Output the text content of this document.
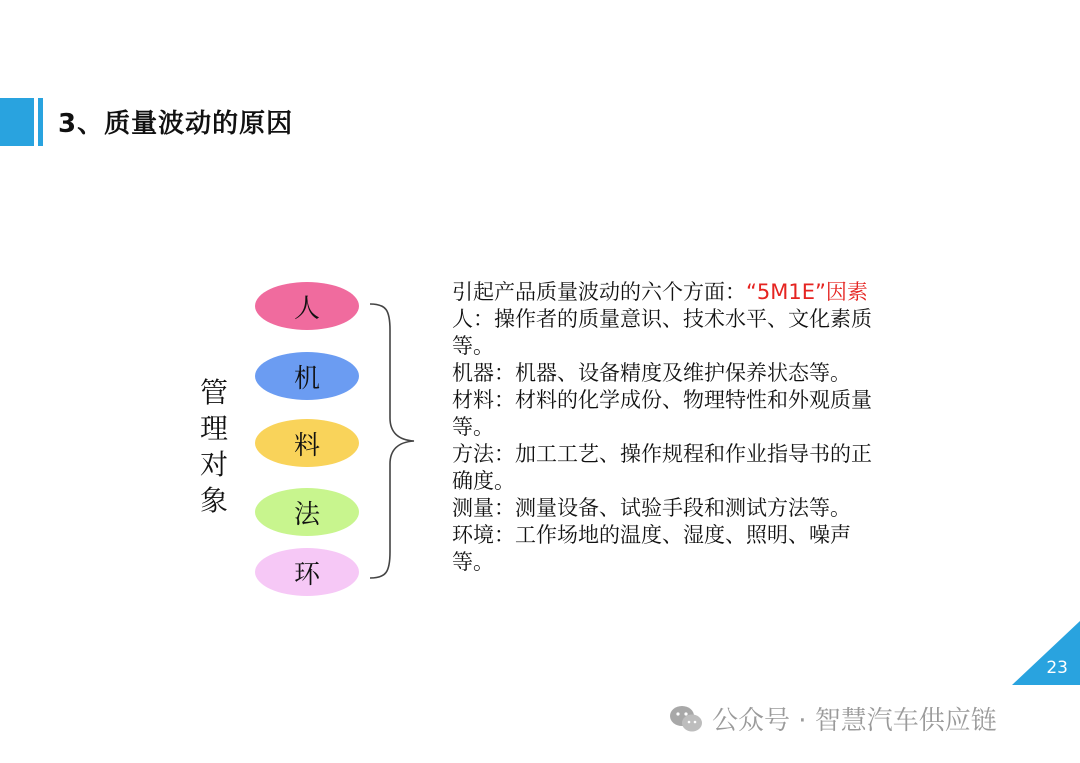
3、质量波动的原因
管
理
对
象
人
机
料
法
环

引起产品质量波动的六个方面：“5M1E”因素

人：操作者的质量意识、技术水平、文化素质等。

机器：机器、设备精度及维护保养状态等。

材料：材料的化学成份、物理特性和外观质量等。

方法：加工工艺、操作规程和作业指导书的正确度。

测量：测量设备、试验手段和测试方法等。

环境：工作场地的温度、湿度、照明、噪声等。

23
公众号 · 智慧汽车供应链
